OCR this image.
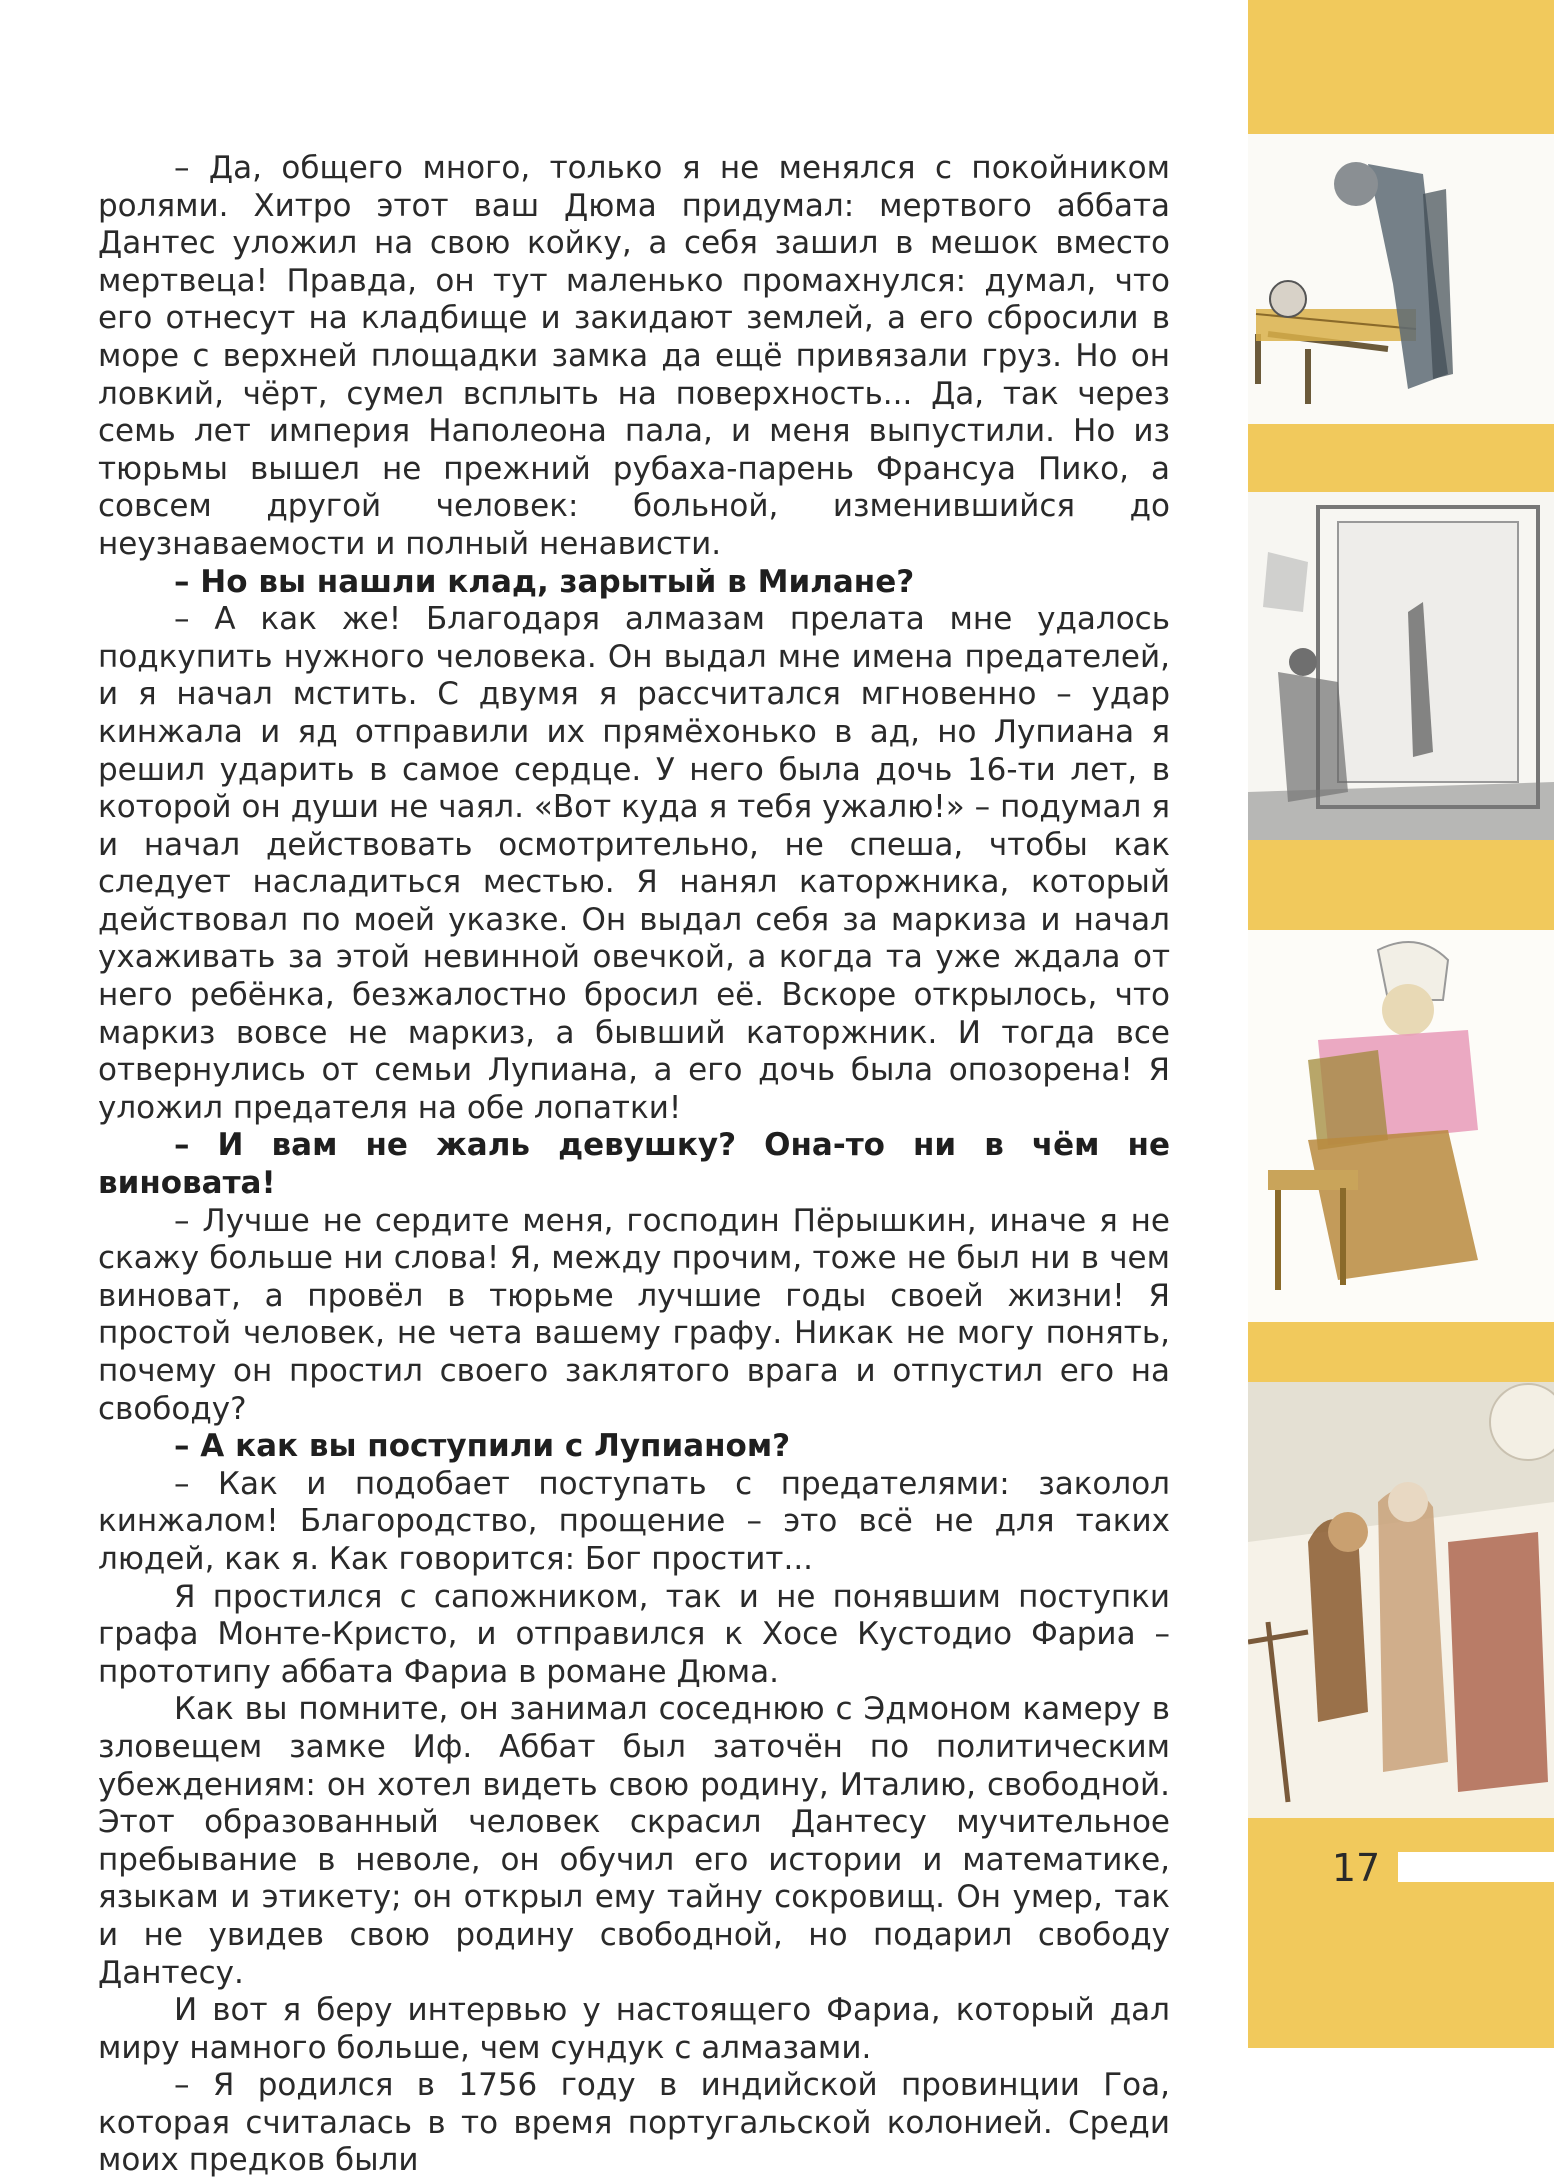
– Да, общего много, только я не менялся с покойником ролями. Хитро этот ваш Дюма придумал: мертвого аббата Дантес уложил на свою койку, а себя зашил в мешок вместо мертвеца! Правда, он тут маленько промахнулся: думал, что его отнесут на кладбище и закидают землей, а его сбросили в море с верхней площадки замка да ещё привязали груз. Но он ловкий, чёрт, сумел всплыть на поверхность... Да, так через семь лет империя Наполеона пала, и меня выпустили. Но из тюрьмы вышел не прежний рубаха-парень Франсуа Пико, а совсем другой человек: больной, изменившийся до неузнаваемости и полный ненависти.

– Но вы нашли клад, зарытый в Милане?

– А как же! Благодаря алмазам прелата мне удалось подкупить нужного человека. Он выдал мне имена предателей, и я начал мстить. С двумя я рассчитался мгновенно – удар кинжала и яд отправили их прямёхонько в ад, но Лупиана я решил ударить в самое сердце. У него была дочь 16-ти лет, в которой он души не чаял. «Вот куда я тебя ужалю!» – подумал я и начал действовать осмотрительно, не спеша, чтобы как следует насладиться местью. Я нанял каторжника, который действовал по моей указке. Он выдал себя за маркиза и начал ухаживать за этой невинной овечкой, а когда та уже ждала от него ребёнка, безжалостно бросил её. Вскоре открылось, что маркиз вовсе не маркиз, а бывший каторжник. И тогда все отвернулись от семьи Лупиана, а его дочь была опозорена! Я уложил предателя на обе лопатки!

– И вам не жаль девушку? Она-то ни в чём не виновата!

– Лучше не сердите меня, господин Пёрышкин, иначе я не скажу больше ни слова! Я, между прочим, тоже не был ни в чем виноват, а провёл в тюрьме лучшие годы своей жизни! Я простой человек, не чета вашему графу. Никак не могу понять, почему он простил своего заклятого врага и отпустил его на свободу?

– А как вы поступили с Лупианом?

– Как и подобает поступать с предателями: заколол кинжалом! Благородство, прощение – это всё не для таких людей, как я. Как говорится: Бог простит...

Я простился с сапожником, так и не понявшим поступки графа Монте-Кристо, и отправился к Хосе Кустодио Фариа – прототипу аббата Фариа в романе Дюма.

Как вы помните, он занимал соседнюю с Эдмоном камеру в зловещем замке Иф. Аббат был заточён по политическим убеждениям: он хотел видеть свою родину, Италию, свободной. Этот образованный человек скрасил Дантесу мучительное пребывание в неволе, он обучил его истории и математике, языкам и этикету; он открыл ему тайну сокровищ. Он умер, так и не увидев свою родину свободной, но подарил свободу Дантесу.

И вот я беру интервью у настоящего Фариа, который дал миру намного больше, чем сундук с алмазами.

– Я родился в 1756 году в индийской провинции Гоа, которая считалась в то время португальской колонией. Среди моих предков были

17
